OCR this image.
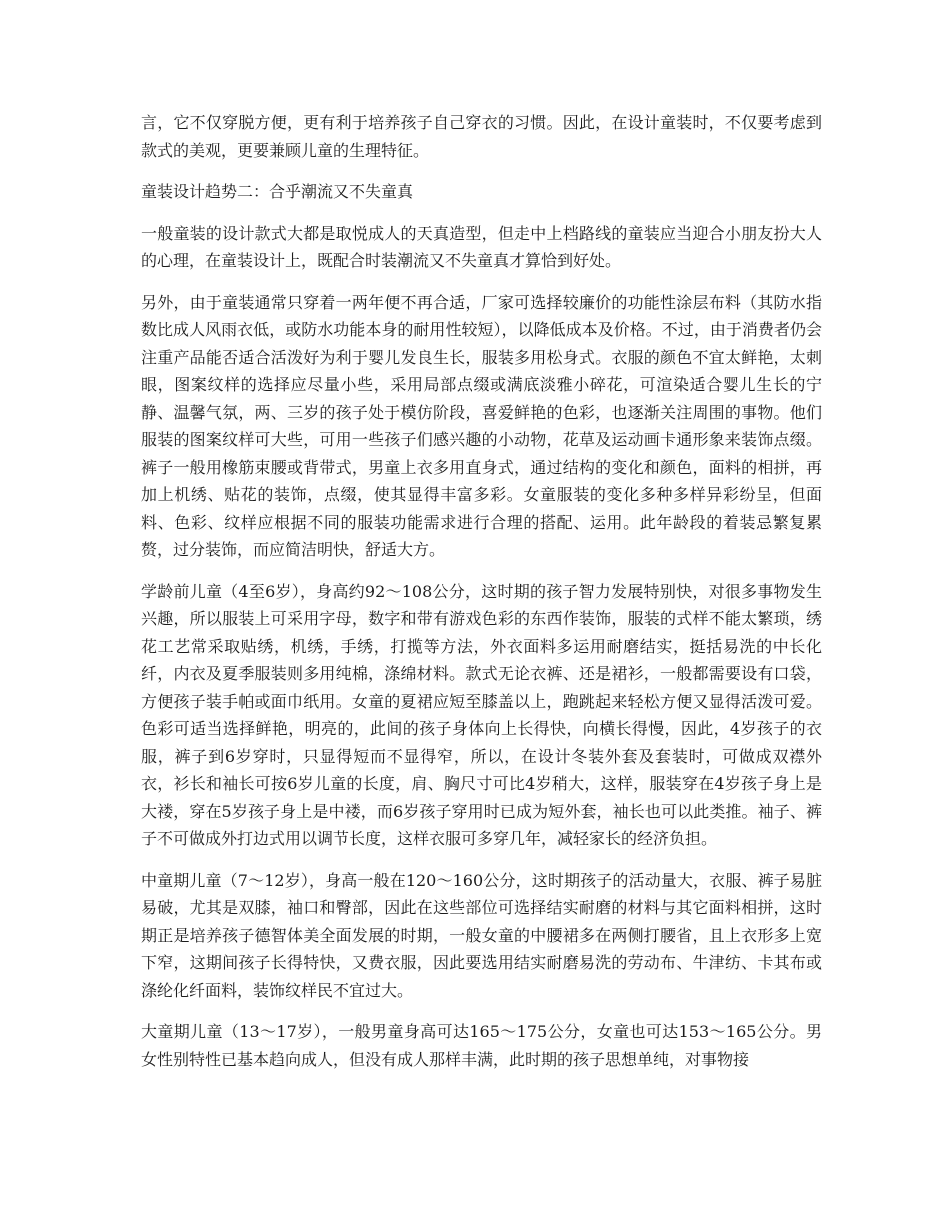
言，它不仅穿脱方便，更有利于培养孩子自己穿衣的习惯。因此，在设计童装时，不仅要考虑到款式的美观，更要兼顾儿童的生理特征。

童装设计趋势二：合乎潮流又不失童真

一般童装的设计款式大都是取悦成人的天真造型，但走中上档路线的童装应当迎合小朋友扮大人的心理，在童装设计上，既配合时装潮流又不失童真才算恰到好处。

另外，由于童装通常只穿着一两年便不再合适，厂家可选择较廉价的功能性涂层布料（其防水指数比成人风雨衣低，或防水功能本身的耐用性较短），以降低成本及价格。不过，由于消费者仍会注重产品能否适合活泼好为利于婴儿发良生长，服装多用松身式。衣服的颜色不宜太鲜艳，太刺眼，图案纹样的选择应尽量小些，采用局部点缀或满底淡雅小碎花，可渲染适合婴儿生长的宁静、温馨气氛，两、三岁的孩子处于模仿阶段，喜爱鲜艳的色彩，也逐渐关注周围的事物。他们服装的图案纹样可大些，可用一些孩子们感兴趣的小动物，花草及运动画卡通形象来装饰点缀。裤子一般用橡筋束腰或背带式，男童上衣多用直身式，通过结构的变化和颜色，面料的相拼，再加上机绣、贴花的装饰，点缀，使其显得丰富多彩。女童服装的变化多种多样异彩纷呈，但面料、色彩、纹样应根据不同的服装功能需求进行合理的搭配、运用。此年龄段的着装忌繁复累赘，过分装饰，而应简洁明快，舒适大方。

学龄前儿童（4至6岁），身高约92～108公分，这时期的孩子智力发展特别快，对很多事物发生兴趣，所以服装上可采用字母，数字和带有游戏色彩的东西作装饰，服装的式样不能太繁琐，绣花工艺常采取贴绣，机绣，手绣，打揽等方法，外衣面料多运用耐磨结实，挺括易洗的中长化纤，内衣及夏季服装则多用纯棉，涤绵材料。款式无论衣裤、还是裙衫，一般都需要设有口袋，方便孩子装手帕或面巾纸用。女童的夏裙应短至膝盖以上，跑跳起来轻松方便又显得活泼可爱。色彩可适当选择鲜艳，明亮的，此间的孩子身体向上长得快，向横长得慢，因此，4岁孩子的衣服，裤子到6岁穿时，只显得短而不显得窄，所以，在设计冬装外套及套装时，可做成双襟外衣，衫长和袖长可按6岁儿童的长度，肩、胸尺寸可比4岁稍大，这样，服装穿在4岁孩子身上是大褛，穿在5岁孩子身上是中褛，而6岁孩子穿用时已成为短外套，袖长也可以此类推。袖子、裤子不可做成外打边式用以调节长度，这样衣服可多穿几年，减轻家长的经济负担。

中童期儿童（7～12岁），身高一般在120～160公分，这时期孩子的活动量大，衣服、裤子易脏易破，尤其是双膝，袖口和臀部，因此在这些部位可选择结实耐磨的材料与其它面料相拼，这时期正是培养孩子德智体美全面发展的时期，一般女童的中腰裙多在两侧打腰省，且上衣形多上宽下窄，这期间孩子长得特快，又费衣服，因此要选用结实耐磨易洗的劳动布、牛津纺、卡其布或涤纶化纤面料，装饰纹样民不宜过大。

大童期儿童（13～17岁），一般男童身高可达165～175公分，女童也可达153～165公分。男女性别特性已基本趋向成人，但没有成人那样丰满，此时期的孩子思想单纯，对事物接
